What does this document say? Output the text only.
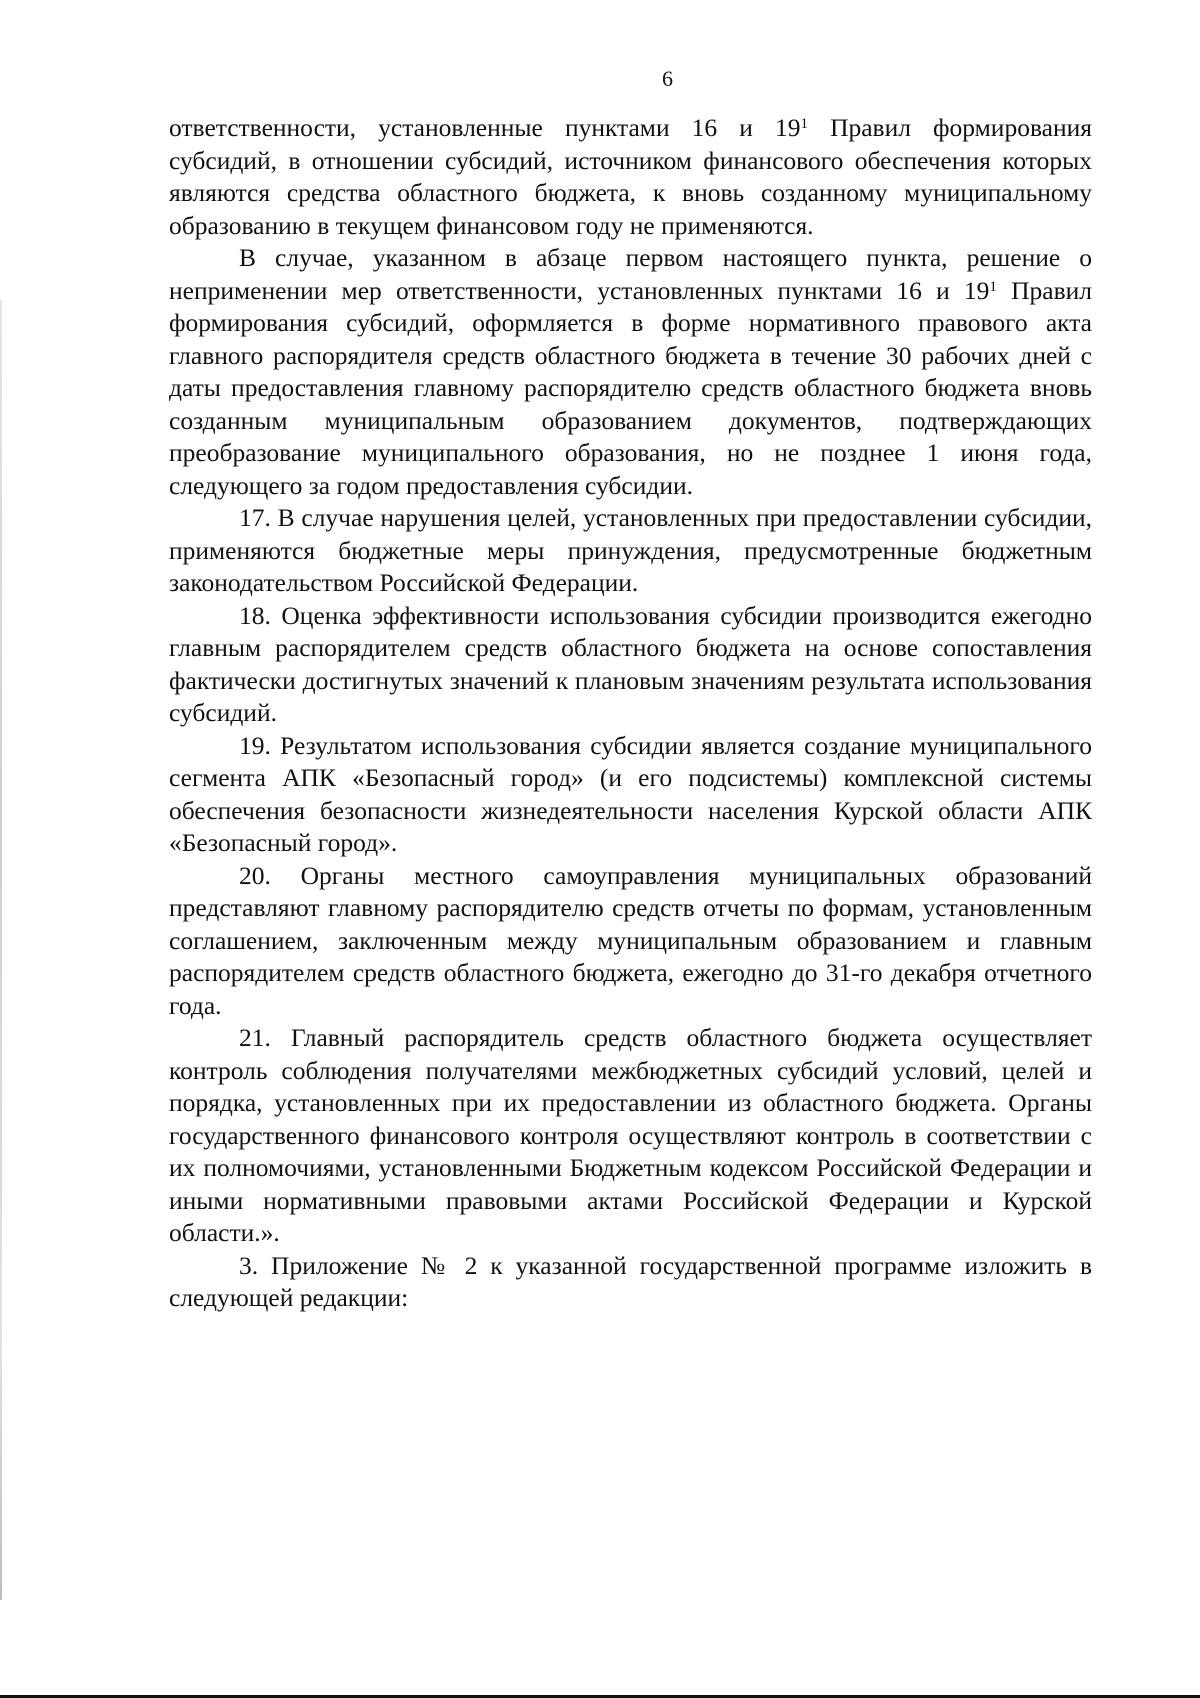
6

ответственности, установленные пунктами 16 и $19^1$ Правил формирования субсидий, в отношении субсидий, источником финансового обеспечения которых являются средства областного бюджета, к вновь созданному муниципальному образованию в текущем финансовом году не применяются.

В случае, указанном в абзаце первом настоящего пункта, решение о неприменении мер ответственности, установленных пунктами 16 и $19^1$ Правил формирования субсидий, оформляется в форме нормативного правового акта главного распорядителя средств областного бюджета в течение 30 рабочих дней с даты предоставления главному распорядителю средств областного бюджета вновь созданным муниципальным образованием документов, подтверждающих преобразование муниципального образования, но не позднее 1 июня года, следующего за годом предоставления субсидии.

17. В случае нарушения целей, установленных при предоставлении субсидии, применяются бюджетные меры принуждения, предусмотренные бюджетным законодательством Российской Федерации.

18. Оценка эффективности использования субсидии производится ежегодно главным распорядителем средств областного бюджета на основе сопоставления фактически достигнутых значений к плановым значениям результата использования субсидий.

19. Результатом использования субсидии является создание муниципального сегмента АПК «Безопасный город» (и его подсистемы) комплексной системы обеспечения безопасности жизнедеятельности населения Курской области АПК «Безопасный город».

20. Органы местного самоуправления муниципальных образований представляют главному распорядителю средств отчеты по формам, установленным соглашением, заключенным между муниципальным образованием и главным распорядителем средств областного бюджета, ежегодно до 31-го декабря отчетного года.

21. Главный распорядитель средств областного бюджета осуществляет контроль соблюдения получателями межбюджетных субсидий условий, целей и порядка, установленных при их предоставлении из областного бюджета. Органы государственного финансового контроля осуществляют контроль в соответствии с их полномочиями, установленными Бюджетным кодексом Российской Федерации и иными нормативными правовыми актами Российской Федерации и Курской области.».

3. Приложение № 2 к указанной государственной программе изложить в следующей редакции:
